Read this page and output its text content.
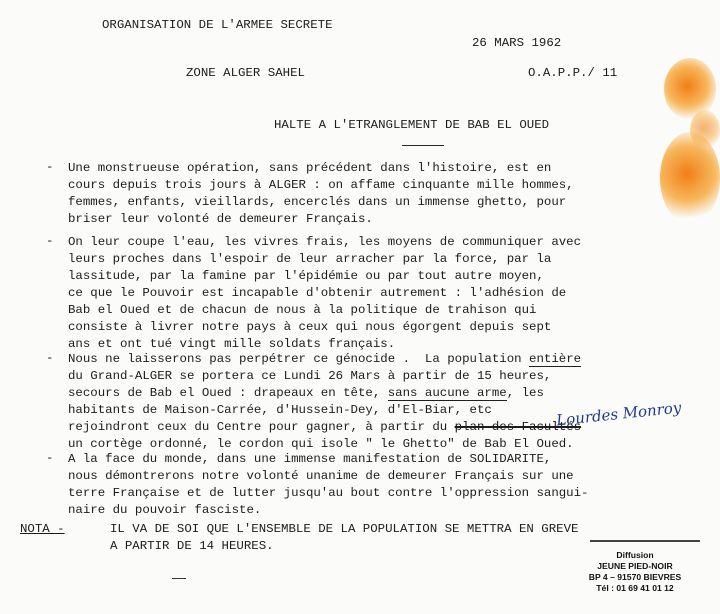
ORGANISATION DE L'ARMEE SECRETE
26 MARS 1962
ZONE ALGER SAHEL	O.A.P.P./ 11
HALTE A L'ETRANGLEMENT DE BAB EL OUED
- Une monstrueuse opération, sans précédent dans l'histoire, est en
cours depuis trois jours à ALGER : on affame cinquante mille hommes,
femmes, enfants, vieillards, encerclés dans un immense ghetto, pour
briser leur volonté de demeurer Français.
- On leur coupe l'eau, les vivres frais, les moyens de communiquer avec
leurs proches dans l'espoir de leur arracher par la force, par la
lassitude, par la famine par l'épidémie ou par tout autre moyen,
ce que le Pouvoir est incapable d'obtenir autrement : l'adhésion de
Bab el Oued et de chacun de nous à la politique de trahison qui
consiste à livrer notre pays à ceux qui nous égorgent depuis sept
ans et ont tué vingt mille soldats français.
- Nous ne laisserons pas perpétrer ce génocide .  La population entière
du Grand-ALGER se portera ce Lundi 26 Mars à partir de 15 heures,
secours de Bab el Oued : drapeaux en tête, sans aucune arme, les
habitants de Maison-Carrée, d'Hussein-Dey, d'El-Biar, etc
rejoindront ceux du Centre pour gagner, à partir du plan des Facultés
un cortège ordonné, le cordon qui isole " le Ghetto" de Bab El Oued.
Lourdes Monroy
- A la face du monde, dans une immense manifestation de SOLIDARITE,
nous démontrerons notre volonté unanime de demeurer Français sur une
terre Française et de lutter jusqu'au bout contre l'oppression sangui-
naire du pouvoir fasciste.
NOTA -	IL VA DE SOI QUE L'ENSEMBLE DE LA POPULATION SE METTRA EN GREVE
A PARTIR DE 14 HEURES.
Diffusion
JEUNE PIED-NOIR
BP 4 – 91570 BIEVRES
Tél : 01 69 41 01 12
